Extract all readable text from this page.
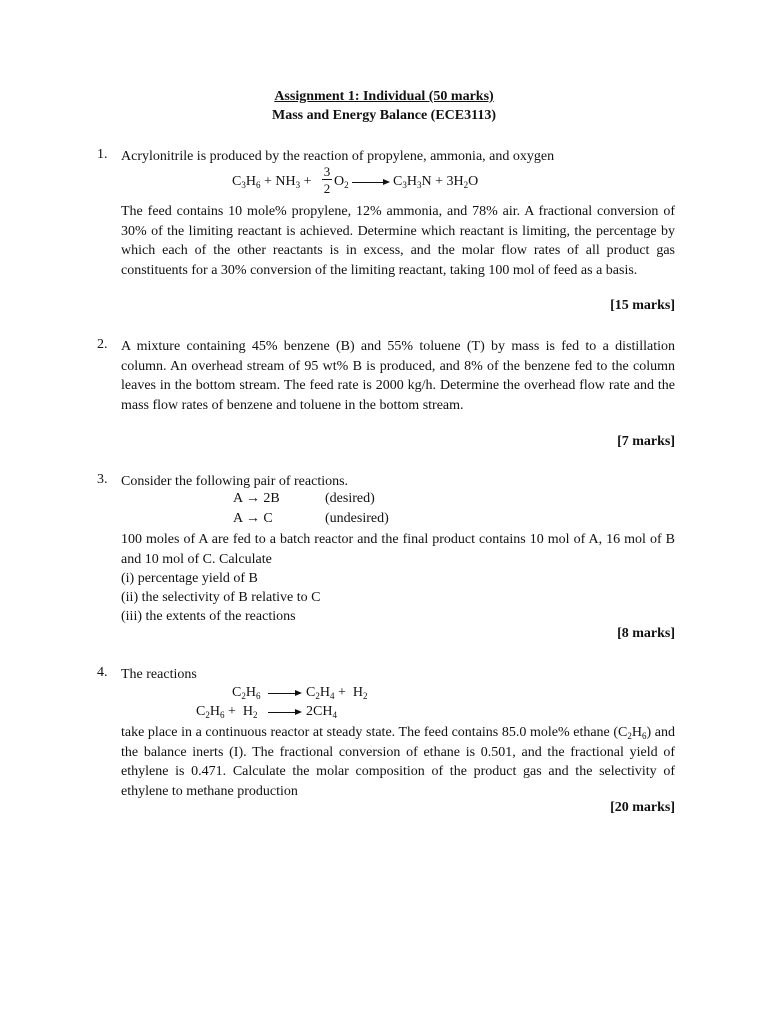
Assignment 1: Individual (50 marks)
Mass and Energy Balance (ECE3113)
1. Acrylonitrile is produced by the reaction of propylene, ammonia, and oxygen
$C_3H_6 + NH_3$ +
3
2 $O_2 \to C_3H_3N + 3H_2O$
The feed contains 10 mole% propylene, 12% ammonia, and 78% air. A fractional conversion of 30% of the limiting reactant is achieved. Determine which reactant is limiting, the percentage by which each of the other reactants is in excess, and the molar flow rates of all product gas constituents for a 30% conversion of the limiting reactant, taking 100 mol of feed as a basis.
[15 marks]
2. A mixture containing 45% benzene (B) and 55% toluene (T) by mass is fed to a distillation column. An overhead stream of 95 wt% B is produced, and 8% of the benzene fed to the column leaves in the bottom stream. The feed rate is 2000 kg/h. Determine the overhead flow rate and the mass flow rates of benzene and toluene in the bottom stream.
[7 marks]
3. Consider the following pair of reactions.
A → 2B	(desired)
A → C	(undesired)
100 moles of A are fed to a batch reactor and the final product contains 10 mol of A, 16 mol of B and 10 mol of C. Calculate
(i) percentage yield of B
(ii) the selectivity of B relative to C
(iii) the extents of the reactions
[8 marks]
4. The reactions
$C_2H_6$	$C_2H_4 + H_2$
$C_2H_6 + H_2$	$2CH_4$
take place in a continuous reactor at steady state. The feed contains 85.0 mole% ethane $(C_2H_6)$ and the balance inerts (I). The fractional conversion of ethane is 0.501, and the fractional yield of ethylene is 0.471. Calculate the molar composition of the product gas and the selectivity of ethylene to methane production
[20 marks]
